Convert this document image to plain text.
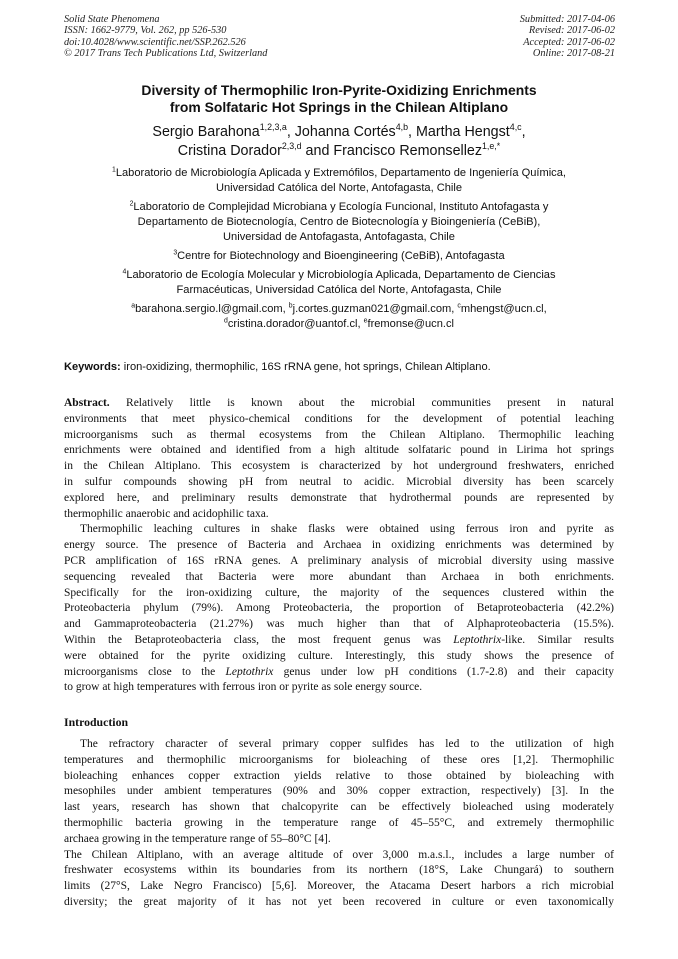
Solid State Phenomena
ISSN: 1662-9779, Vol. 262, pp 526-530
doi:10.4028/www.scientific.net/SSP.262.526
© 2017 Trans Tech Publications Ltd, Switzerland
Submitted: 2017-04-06
Revised: 2017-06-02
Accepted: 2017-06-02
Online: 2017-08-21
Diversity of Thermophilic Iron-Pyrite-Oxidizing Enrichments
from Solfataric Hot Springs in the Chilean Altiplano
Sergio Barahona$^{1,2,3,a}$, Johanna Cortés$^{4,b}$, Martha Hengst$^{4,c}$,
Cristina Dorador$^{2,3,d}$ and Francisco Remonsellez$^{1,e,*}$
$^1$Laboratorio de Microbiología Aplicada y Extremófilos, Departamento de Ingeniería Química,
Universidad Católica del Norte, Antofagasta, Chile
$^2$Laboratorio de Complejidad Microbiana y Ecología Funcional, Instituto Antofagasta y
Departamento de Biotecnología, Centro de Biotecnología y Bioingeniería (CeBiB),
Universidad de Antofagasta, Antofagasta, Chile
$^3$Centre for Biotechnology and Bioengineering (CeBiB), Antofagasta
$^4$Laboratorio de Ecología Molecular y Microbiología Aplicada, Departamento de Ciencias
Farmacéuticas, Universidad Católica del Norte, Antofagasta, Chile
$^a$barahona.sergio.l@gmail.com, $^b$j.cortes.guzman021@gmail.com, $^c$mhengst@ucn.cl,
$^d$cristina.dorador@uantof.cl, $^e$fremonse@ucn.cl
Keywords: iron-oxidizing, thermophilic, 16S rRNA gene, hot springs, Chilean Altiplano.
Abstract. Relatively little is known about the microbial communities present in natural
environments that meet physico-chemical conditions for the development of potential leaching
microorganisms such as thermal ecosystems from the Chilean Altiplano. Thermophilic leaching
enrichments were obtained and identified from a high altitude solfataric pound in Lirima hot springs
in the Chilean Altiplano. This ecosystem is characterized by hot underground freshwaters, enriched
in sulfur compounds showing pH from neutral to acidic. Microbial diversity has been scarcely
explored here, and preliminary results demonstrate that hydrothermal pounds are represented by
thermophilic anaerobic and acidophilic taxa.
Thermophilic leaching cultures in shake flasks were obtained using ferrous iron and pyrite as
energy source. The presence of Bacteria and Archaea in oxidizing enrichments was determined by
PCR amplification of 16S rRNA genes. A preliminary analysis of microbial diversity using massive
sequencing revealed that Bacteria were more abundant than Archaea in both enrichments.
Specifically for the iron-oxidizing culture, the majority of the sequences clustered within the
Proteobacteria phylum (79%). Among Proteobacteria, the proportion of Betaproteobacteria (42.2%)
and Gammaproteobacteria (21.27%) was much higher than that of Alphaproteobacteria (15.5%).
Within the Betaproteobacteria class, the most frequent genus was Leptothrix-like. Similar results
were obtained for the pyrite oxidizing culture. Interestingly, this study shows the presence of
microorganisms close to the Leptothrix genus under low pH conditions (1.7-2.8) and their capacity
to grow at high temperatures with ferrous iron or pyrite as sole energy source.
Introduction
The refractory character of several primary copper sulfides has led to the utilization of high
temperatures and thermophilic microorganisms for bioleaching of these ores [1,2]. Thermophilic
bioleaching enhances copper extraction yields relative to those obtained by bioleaching with
mesophiles under ambient temperatures (90% and 30% copper extraction, respectively) [3]. In the
last years, research has shown that chalcopyrite can be effectively bioleached using moderately
thermophilic bacteria growing in the temperature range of 45–55°C, and extremely thermophilic
archaea growing in the temperature range of 55–80°C [4].
The Chilean Altiplano, with an average altitude of over 3,000 m.a.s.l., includes a large number of
freshwater ecosystems within its boundaries from its northern (18°S, Lake Chungará) to southern
limits (27°S, Lake Negro Francisco) [5,6]. Moreover, the Atacama Desert harbors a rich microbial
diversity; the great majority of it has not yet been recovered in culture or even taxonomically
